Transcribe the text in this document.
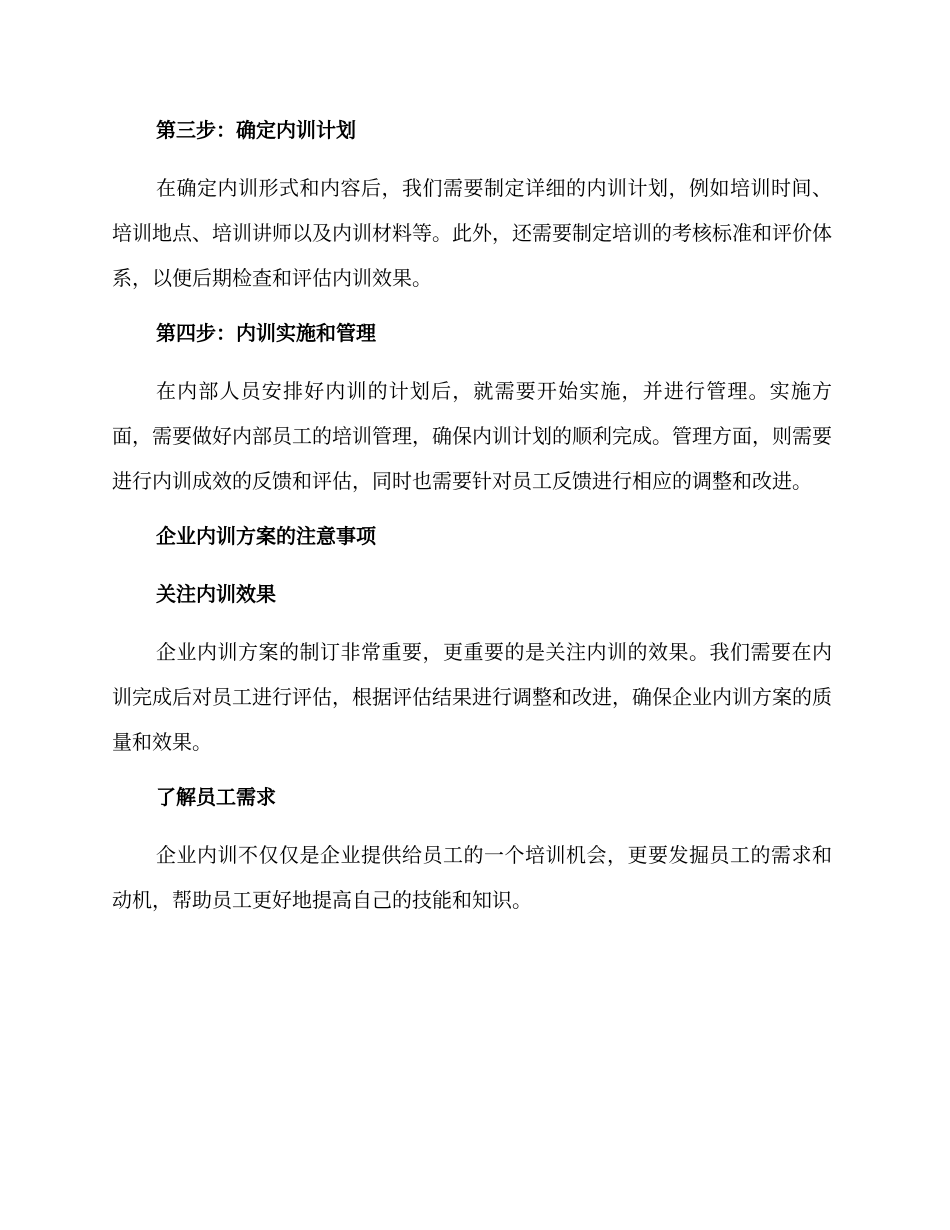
第三步：确定内训计划

在确定内训形式和内容后，我们需要制定详细的内训计划，例如培训时间、培训地点、培训讲师以及内训材料等。此外，还需要制定培训的考核标准和评价体系，以便后期检查和评估内训效果。

第四步：内训实施和管理

在内部人员安排好内训的计划后，就需要开始实施，并进行管理。实施方面，需要做好内部员工的培训管理，确保内训计划的顺利完成。管理方面，则需要进行内训成效的反馈和评估，同时也需要针对员工反馈进行相应的调整和改进。

企业内训方案的注意事项
关注内训效果

企业内训方案的制订非常重要，更重要的是关注内训的效果。我们需要在内训完成后对员工进行评估，根据评估结果进行调整和改进，确保企业内训方案的质量和效果。

了解员工需求

企业内训不仅仅是企业提供给员工的一个培训机会，更要发掘员工的需求和动机，帮助员工更好地提高自己的技能和知识。
